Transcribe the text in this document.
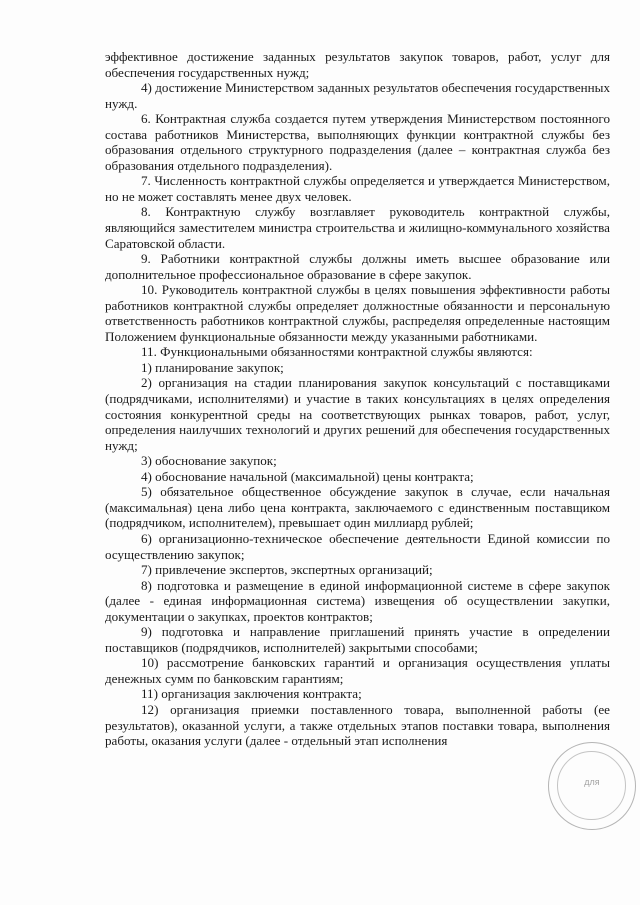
эффективное достижение заданных результатов закупок товаров, работ, услуг для обеспечения государственных нужд;

4) достижение Министерством заданных результатов обеспечения государственных нужд.

6. Контрактная служба создается путем утверждения Министерством постоянного состава работников Министерства, выполняющих функции контрактной службы без образования отдельного структурного подразделения (далее – контрактная служба без образования отдельного подразделения).

7. Численность контрактной службы определяется и утверждается Министерством, но не может составлять менее двух человек.

8. Контрактную службу возглавляет руководитель контрактной службы, являющийся заместителем министра строительства и жилищно-коммунального хозяйства Саратовской области.

9. Работники контрактной службы должны иметь высшее образование или дополнительное профессиональное образование в сфере закупок.

10. Руководитель контрактной службы в целях повышения эффективности работы работников контрактной службы определяет должностные обязанности и персональную ответственность работников контрактной службы, распределяя определенные настоящим Положением функциональные обязанности между указанными работниками.

11. Функциональными обязанностями контрактной службы являются:

1) планирование закупок;

2) организация на стадии планирования закупок консультаций с поставщиками (подрядчиками, исполнителями) и участие в таких консультациях в целях определения состояния конкурентной среды на соответствующих рынках товаров, работ, услуг, определения наилучших технологий и других решений для обеспечения государственных нужд;

3) обоснование закупок;

4) обоснование начальной (максимальной) цены контракта;

5) обязательное общественное обсуждение закупок в случае, если начальная (максимальная) цена либо цена контракта, заключаемого с единственным поставщиком (подрядчиком, исполнителем), превышает один миллиард рублей;

6) организационно-техническое обеспечение деятельности Единой комиссии по осуществлению закупок;

7) привлечение экспертов, экспертных организаций;

8) подготовка и размещение в единой информационной системе в сфере закупок (далее - единая информационная система) извещения об осуществлении закупки, документации о закупках, проектов контрактов;

9) подготовка и направление приглашений принять участие в определении поставщиков (подрядчиков, исполнителей) закрытыми способами;

10) рассмотрение банковских гарантий и организация осуществления уплаты денежных сумм по банковским гарантиям;

11) организация заключения контракта;

12) организация приемки поставленного товара, выполненной работы (ее результатов), оказанной услуги, а также отдельных этапов поставки товара, выполнения работы, оказания услуги (далее - отдельный этап исполнения

для
